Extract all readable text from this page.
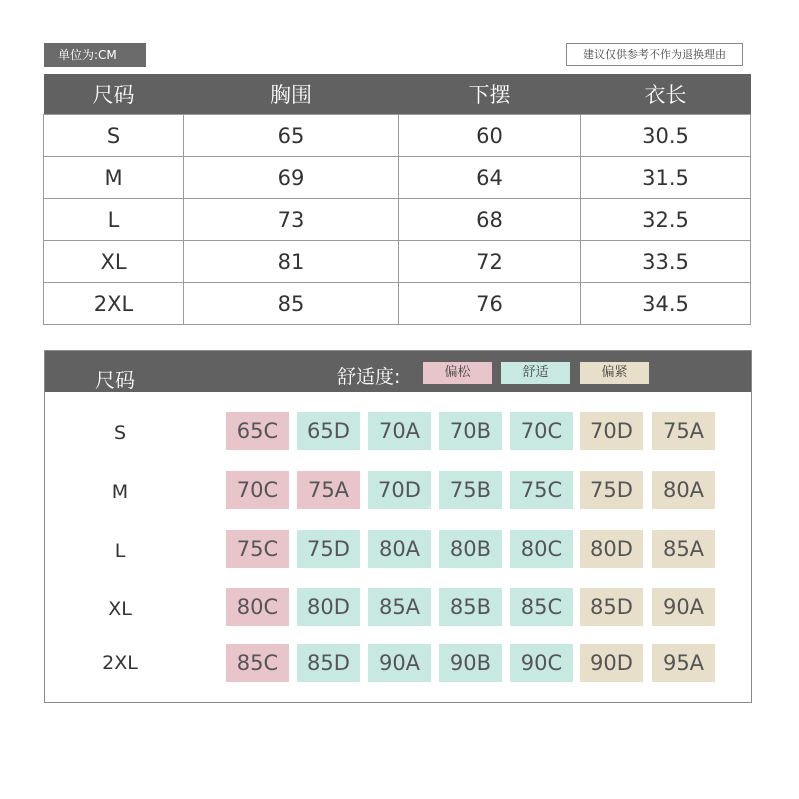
单位为:CM	建议仅供参考不作为退换理由
尺码	胸围	下摆	衣长
S	65	60	30.5
M	69	64	31.5
L	73	68	32.5
XL	81	72	33.5
2XL	85	76	34.5
尺码	舒适度:	偏松	舒适	偏紧
S	65C	65D	70A	70B	70C	70D	75A
M	70C	75A	70D	75B	75C	75D	80A
L	75C	75D	80A	80B	80C	80D	85A
XL	80C	80D	85A	85B	85C	85D	90A
2XL	85C	85D	90A	90B	90C	90D	95A
